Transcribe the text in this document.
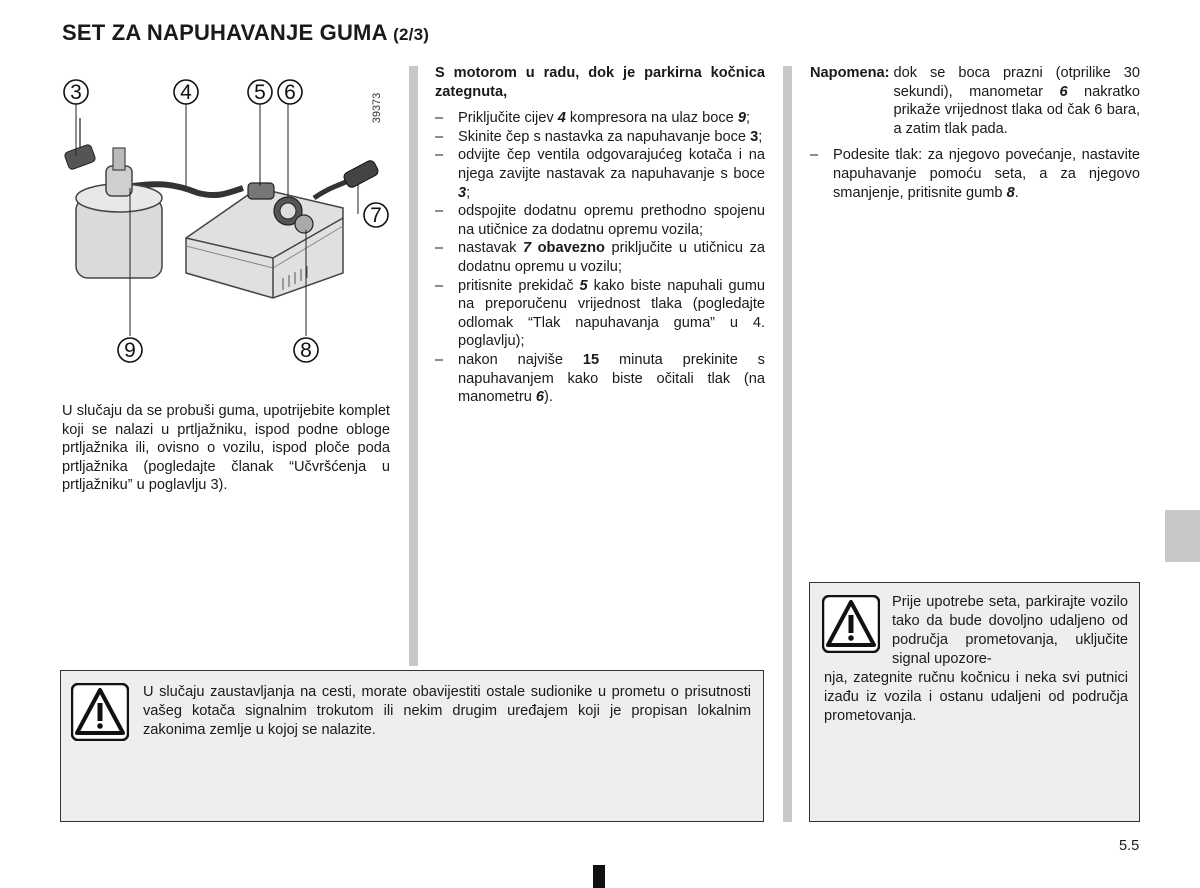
SET ZA NAPUHAVANJE GUMA (2/3)
3	4	5 6
7
8
9
39373

U slučaju da se probuši guma, upotrijebite komplet koji se nalazi u prtljažniku, ispod podne obloge prtljažnika ili, ovisno o vozilu, ispod ploče poda prtljažnika (pogledajte članak “Učvršćenja u prtljažniku” u poglavlju 3).

S motorom u radu, dok je parkirna kočnica zategnuta,

– Priključite cijev 4 kompresora na ulaz boce 9;
– Skinite čep s nastavka za napuhavanje boce 3;
– odvijte čep ventila odgovarajućeg kotača i na njega zavijte nastavak za napuhavanje s boce 3;
– odspojite dodatnu opremu prethodno spojenu na utičnice za dodatnu opremu vozila;
– nastavak 7 obavezno priključite u utičnicu za dodatnu opremu u vozilu;
– pritisnite prekidač 5 kako biste napuhali gumu na preporučenu vrijednost tlaka (pogledajte odlomak “Tlak napuhavanja guma” u 4. poglavlju);
– nakon najviše 15 minuta prekinite s napuhavanjem kako biste očitali tlak (na manometru 6).
Napomena: dok se boca prazni (otprilike 30 sekundi), manometar 6 nakratko prikaže vrijednost tlaka od čak 6 bara, a zatim tlak pada.
– Podesite tlak: za njegovo povećanje, nastavite napuhavanje pomoću seta, a za njegovo smanjenje, pritisnite gumb 8.
U slučaju zaustavljanja na cesti, morate obavijestiti ostale sudionike u prometu o prisutnosti vašeg kotača signalnim trokutom ili nekim drugim uređajem koji je propisan lokalnim zakonima zemlje u kojoj se nalazite.
Prije upotrebe seta, parkirajte vozilo tako da bude dovoljno udaljeno od područja prometovanja, uključite signal upozore-
nja, zategnite ručnu kočnicu i neka svi putnici izađu iz vozila i ostanu udaljeni od područja prometovanja.
5.5
